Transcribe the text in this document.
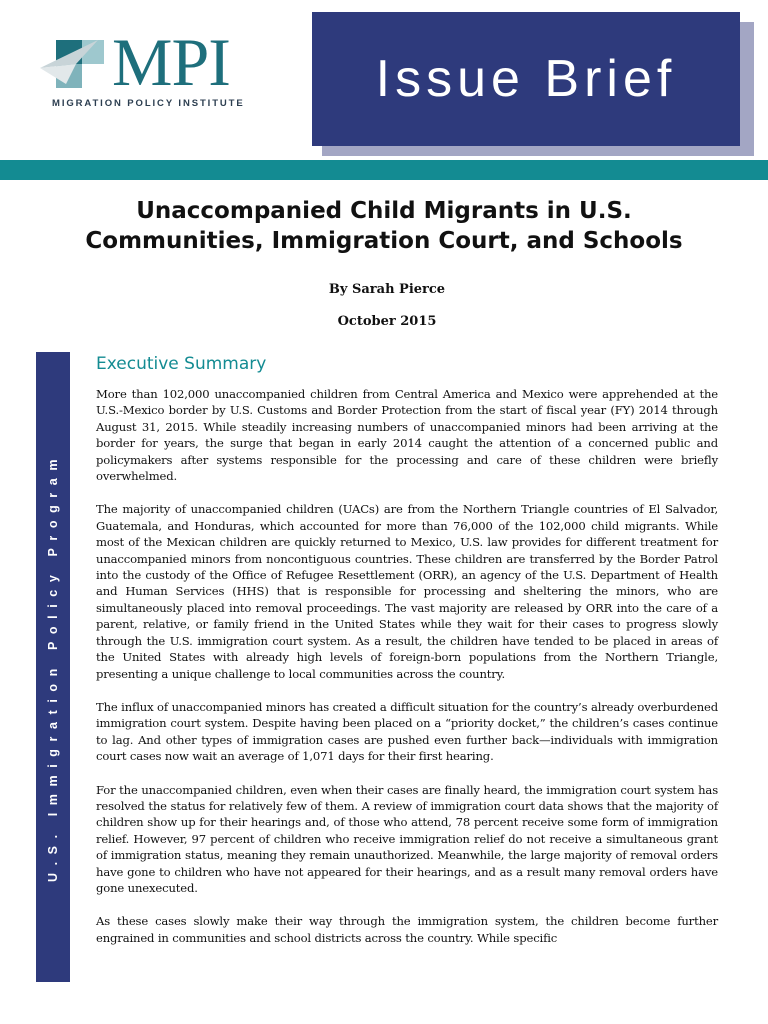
MPI
MIGRATION POLICY INSTITUTE	Issue Brief
Unaccompanied Child Migrants in U.S.
Communities, Immigration Court, and Schools
By Sarah Pierce
October 2015
U.S. Immigration Policy Program
Executive Summary

More than 102,000 unaccompanied children from Central America and Mexico were apprehended at the U.S.-Mexico border by U.S. Customs and Border Protection from the start of fiscal year (FY) 2014 through August 31, 2015. While steadily increasing numbers of unaccompanied minors had been arriving at the border for years, the surge that began in early 2014 caught the attention of a concerned public and policymakers after systems responsible for the processing and care of these children were briefly overwhelmed.

The majority of unaccompanied children (UACs) are from the Northern Triangle countries of El Salvador, Guatemala, and Honduras, which accounted for more than 76,000 of the 102,000 child migrants. While most of the Mexican children are quickly returned to Mexico, U.S. law provides for different treatment for unaccompanied minors from noncontiguous countries. These children are transferred by the Border Patrol into the custody of the Office of Refugee Resettlement (ORR), an agency of the U.S. Department of Health and Human Services (HHS) that is responsible for processing and sheltering the minors, who are simultaneously placed into removal proceedings. The vast majority are released by ORR into the care of a parent, relative, or family friend in the United States while they wait for their cases to progress slowly through the U.S. immigration court system. As a result, the children have tended to be placed in areas of the United States with already high levels of foreign-born populations from the Northern Triangle, presenting a unique challenge to local communities across the country.

The influx of unaccompanied minors has created a difficult situation for the country’s already overburdened immigration court system. Despite having been placed on a “priority docket,” the children’s cases continue to lag. And other types of immigration cases are pushed even further back—individuals with immigration court cases now wait an average of 1,071 days for their first hearing.

For the unaccompanied children, even when their cases are finally heard, the immigration court system has resolved the status for relatively few of them. A review of immigration court data shows that the majority of children show up for their hearings and, of those who attend, 78 percent receive some form of immigration relief. However, 97 percent of children who receive immigration relief do not receive a simultaneous grant of immigration status, meaning they remain unauthorized. Meanwhile, the large majority of removal orders have gone to children who have not appeared for their hearings, and as a result many removal orders have gone unexecuted.

As these cases slowly make their way through the immigration system, the children become further engrained in communities and school districts across the country. While specific
